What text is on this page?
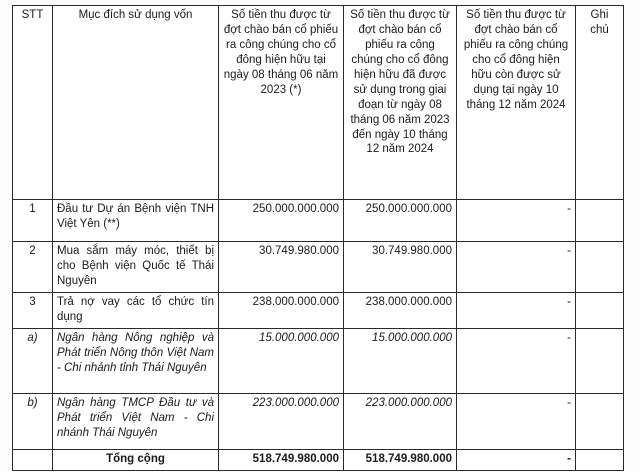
STT	Mục đích sử dụng vốn	Số tiền thu được từ đợt chào bán cổ phiếu ra công chúng cho cổ đông hiện hữu tại ngày 08 tháng 06 năm 2023 (*)	Số tiền thu được từ đợt chào bán cổ phiếu ra công chúng cho cổ đông hiện hữu đã được sử dụng trong giai đoạn từ ngày 08 tháng 06 năm 2023 đến ngày 10 tháng 12 năm 2024	Số tiền thu được từ đợt chào bán cổ phiếu ra công chúng cho cổ đông hiện hữu còn được sử dụng tại ngày 10 tháng 12 năm 2024	Ghi chú
1	Đầu tư Dự án Bệnh viện TNH Việt Yên (**)	250.000.000.000	250.000.000.000	-	
2	Mua sắm máy móc, thiết bị cho Bệnh viện Quốc tế Thái Nguyên	30.749.980.000	30.749.980.000	-	
3	Trả nợ vay các tổ chức tín dụng	238.000.000.000	238.000.000.000	-	
a)	Ngân hàng Nông nghiệp và Phát triển Nông thôn Việt Nam - Chi nhánh tỉnh Thái Nguyên	15.000.000.000	15.000.000.000	-	
b)	Ngân hàng TMCP Đầu tư và Phát triển Việt Nam - Chi nhánh Thái Nguyên	223.000.000.000	223.000.000.000	-	
	Tổng cộng	518.749.980.000	518.749.980.000	-	
